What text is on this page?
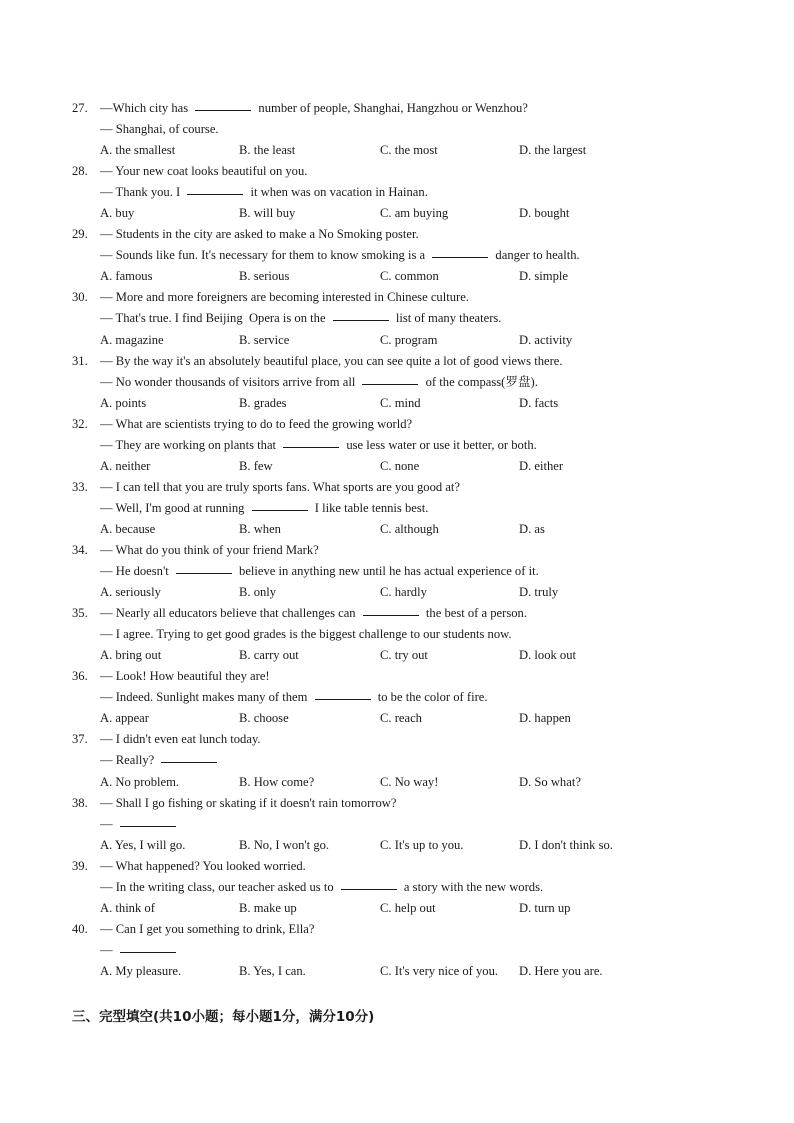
27. —Which city has	number of people, Shanghai, Hangzhou or Wenzhou?
— Shanghai, of course.
A. the smallest	B. the least	C. the most	D. the largest
28. — Your new coat looks beautiful on you.
— Thank you. I	it when was on vacation in Hainan.
A. buy	B. will buy	C. am buying	D. bought
29. — Students in the city are asked to make a No Smoking poster.
— Sounds like fun. It's necessary for them to know smoking is a	danger to health.
A. famous	B. serious	C. common	D. simple
30. — More and more foreigners are becoming interested in Chinese culture.
— That's true. I find Beijing  Opera is on the	list of many theaters.
A. magazine	B. service	C. program	D. activity
31. — By the way it's an absolutely beautiful place, you can see quite a lot of good views there.
— No wonder thousands of visitors arrive from all	of the compass(罗盘).
A. points	B. grades	C. mind	D. facts
32. — What are scientists trying to do to feed the growing world?
— They are working on plants that	use less water or use it better, or both.
A. neither	B. few	C. none	D. either
33. — I can tell that you are truly sports fans. What sports are you good at?
— Well, I'm good at running	I like table tennis best.
A. because	B. when	C. although	D. as
34. — What do you think of your friend Mark?
— He doesn't	believe in anything new until he has actual experience of it.
A. seriously	B. only	C. hardly	D. truly
35. — Nearly all educators believe that challenges can	the best of a person.
— I agree. Trying to get good grades is the biggest challenge to our students now.
A. bring out	B. carry out	C. try out	D. look out
36. — Look! How beautiful they are!
— Indeed. Sunlight makes many of them	to be the color of fire.
A. appear	B. choose	C. reach	D. happen
37. — I didn't even eat lunch today.
— Really?
A. No problem.	B. How come?	C. No way!	D. So what?
38. — Shall I go fishing or skating if it doesn't rain tomorrow?
—
A. Yes, I will go.	B. No, I won't go.	C. It's up to you.	D. I don't think so.
39. — What happened? You looked worried.
— In the writing class, our teacher asked us to	a story with the new words.
A. think of	B. make up	C. help out	D. turn up
40. — Can I get you something to drink, Ella?
—
A. My pleasure.	B. Yes, I can.	C. It's very nice of you. D. Here you are.
三、完型填空(共10小题；每小题1分，满分10分)
